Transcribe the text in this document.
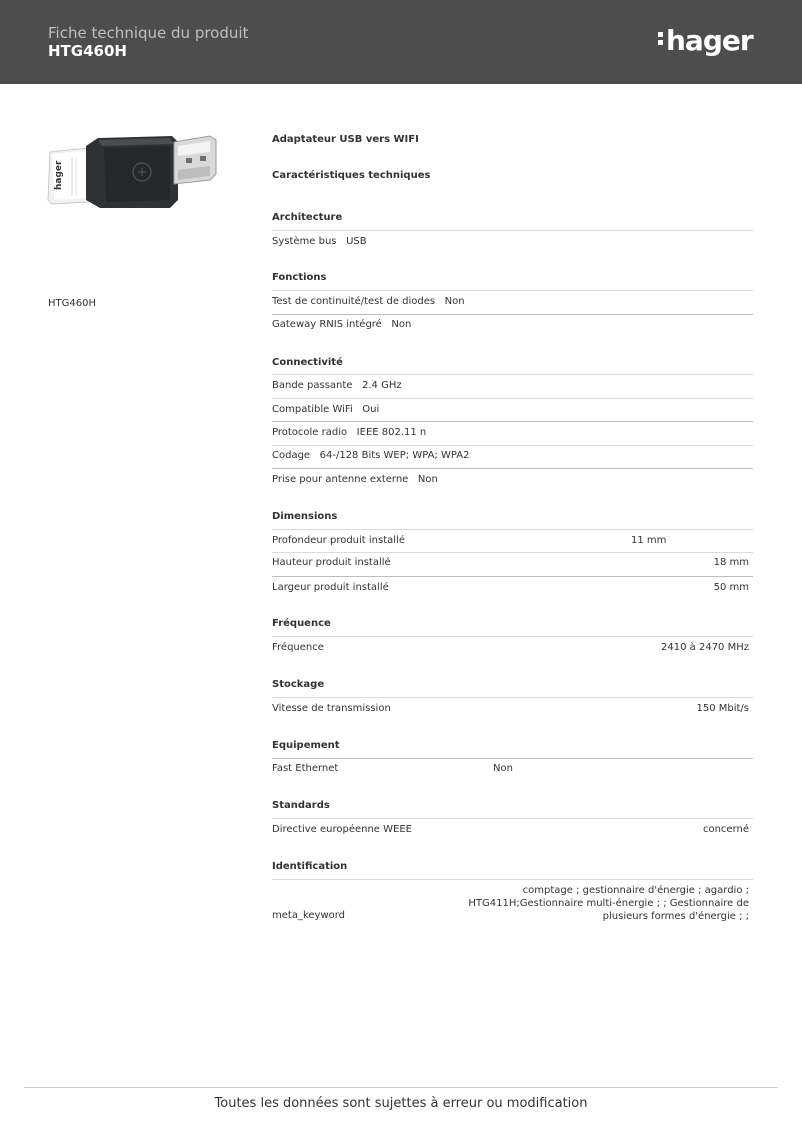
Fiche technique du produit
HTG460H	hager
hager
HTG460H
Adaptateur USB vers WIFI
Caractéristiques techniques
Architecture
Système bus USB
Fonctions
Test de continuité/test de diodes Non
Gateway RNIS intégré Non
Connectivité
Bande passante 2.4 GHz
Compatible WiFi Oui
Protocole radio IEEE 802.11 n
Codage 64-/128 Bits WEP; WPA; WPA2
Prise pour antenne externe Non
Dimensions
Profondeur produit installé	11 mm
Hauteur produit installé	18 mm
Largeur produit installé	50 mm
Fréquence
Fréquence	2410 à 2470 MHz
Stockage
Vitesse de transmission	150 Mbit/s
Equipement
Fast Ethernet	Non
Standards
Directive européenne WEEE	concerné
Identification
meta_keyword
comptage ; gestionnaire d'énergie ; agardio ; HTG411H;Gestionnaire multi-énergie ; ; Gestionnaire de plusieurs formes d'énergie ; ;
Toutes les données sont sujettes à erreur ou modification
